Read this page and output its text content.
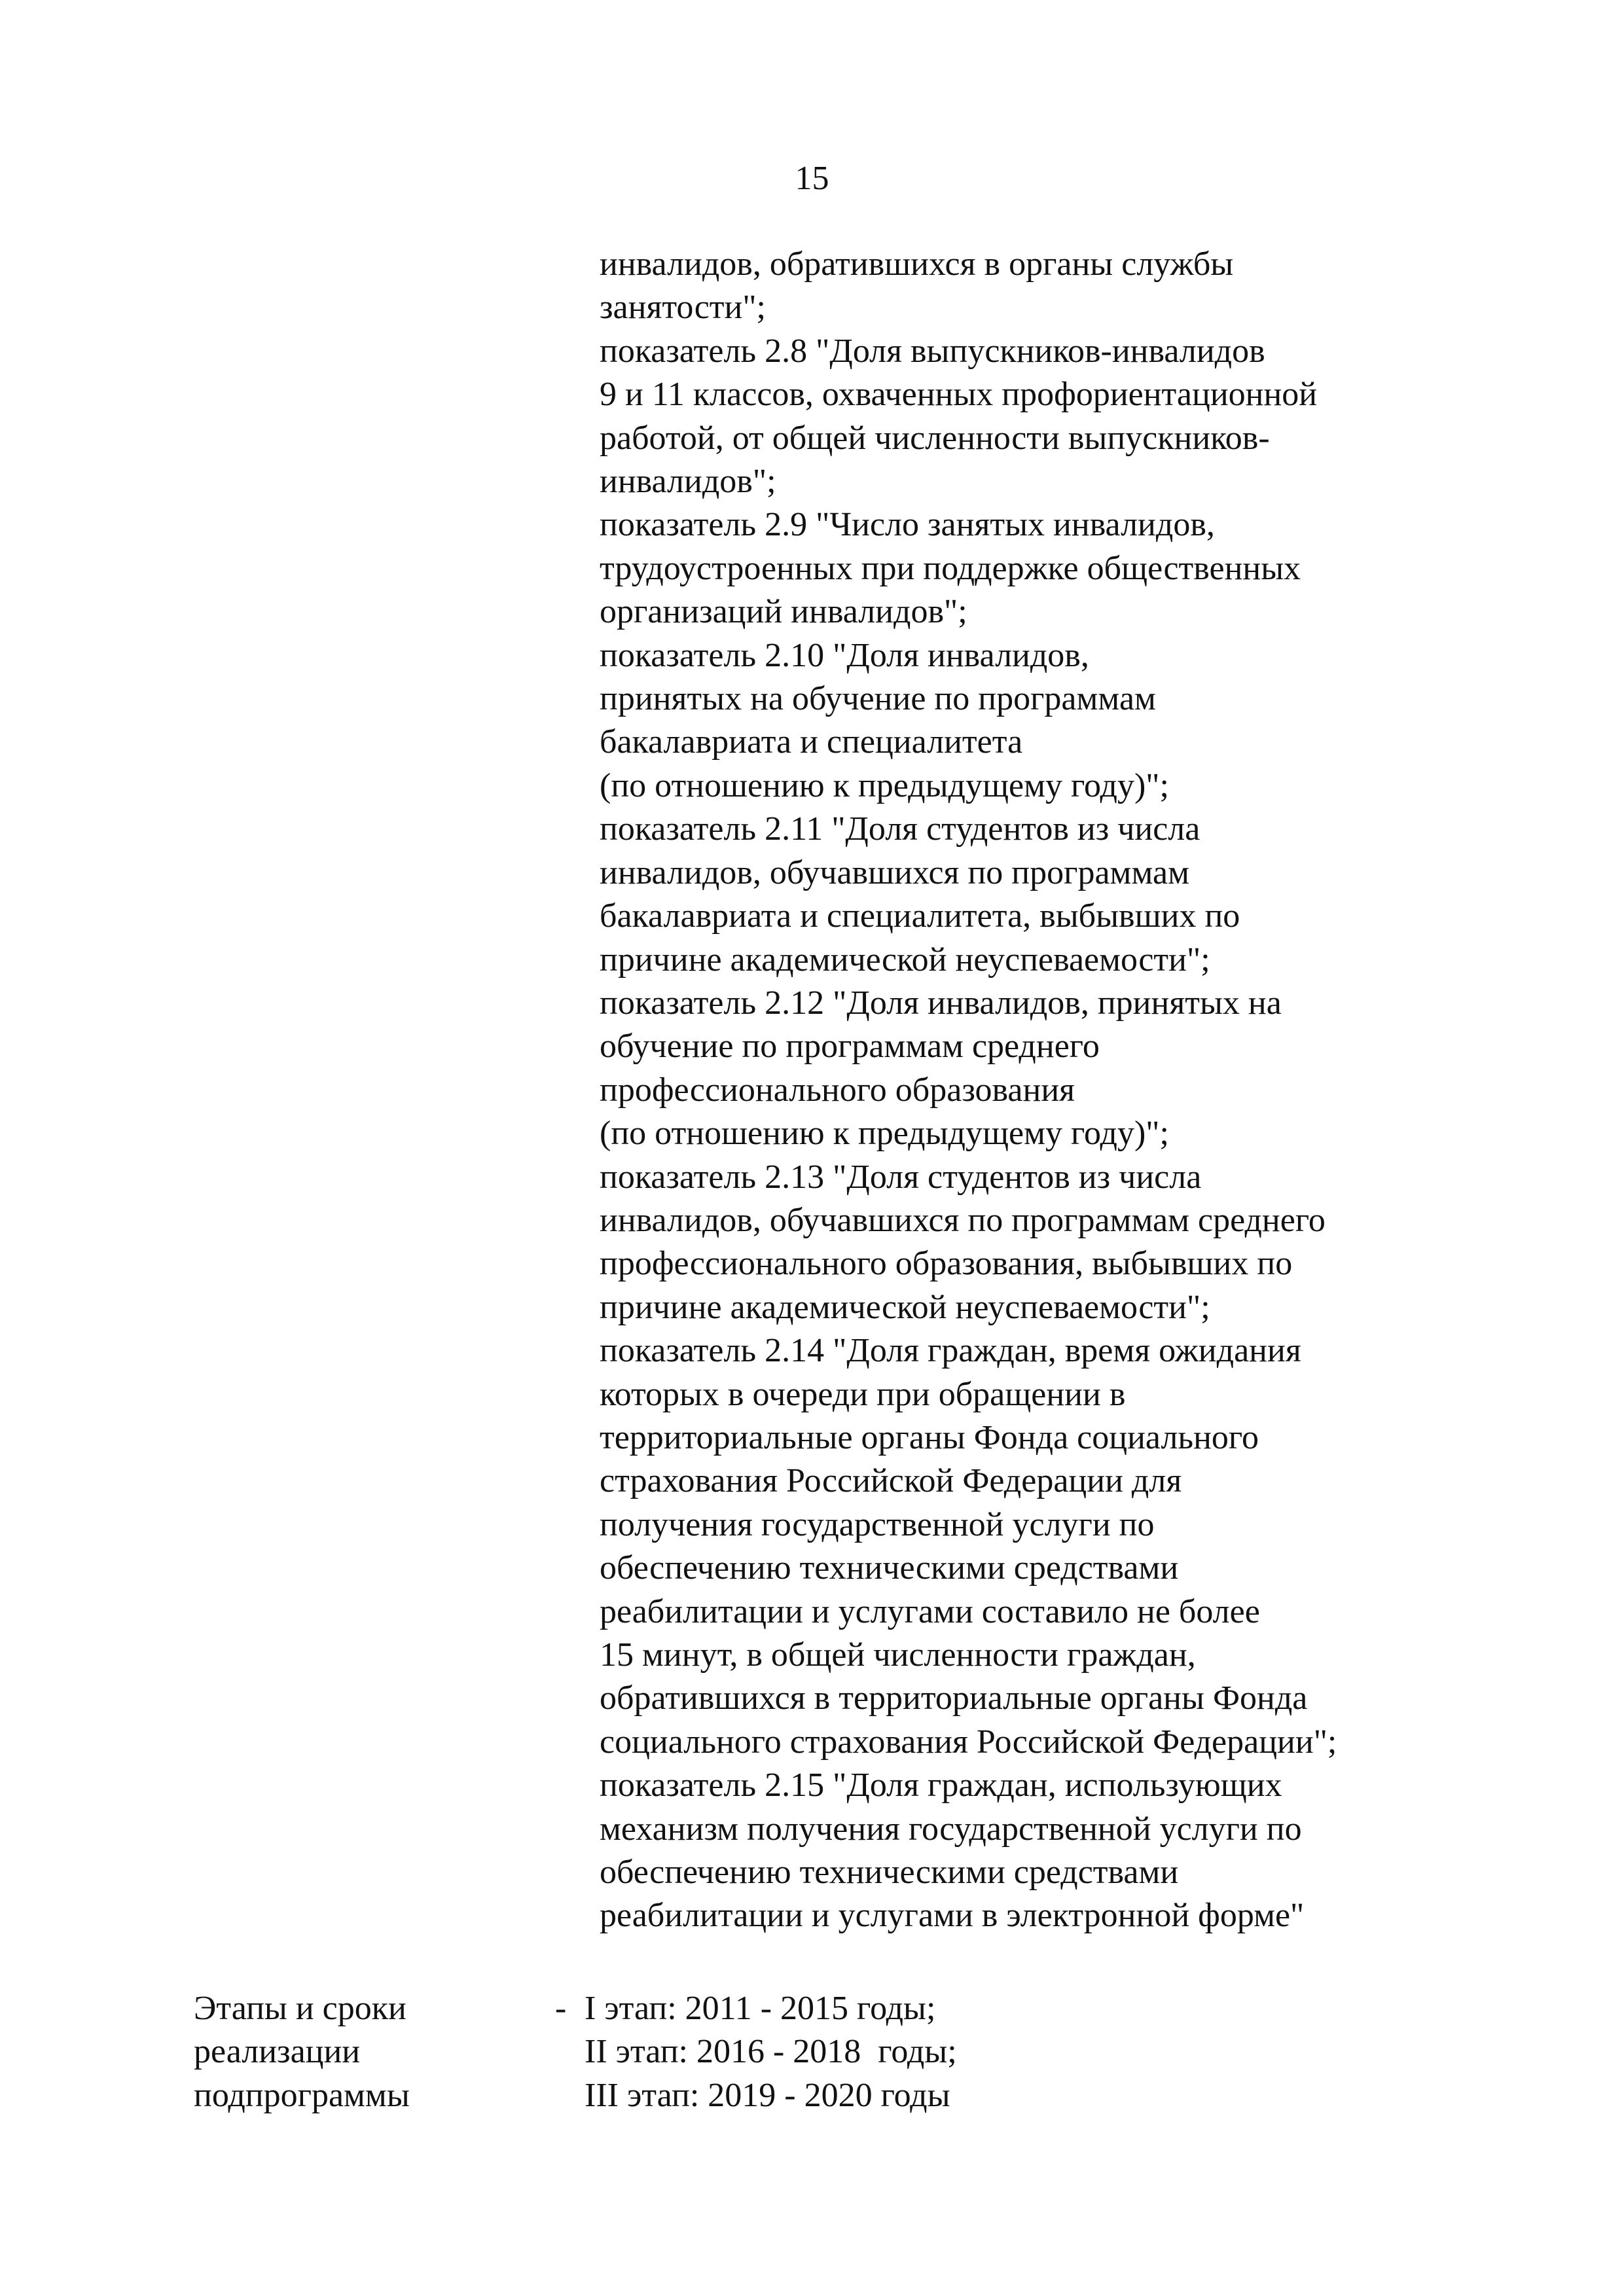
15
инвалидов, обратившихся в органы службы
занятости";
показатель 2.8 "Доля выпускников-инвалидов
9 и 11 классов, охваченных профориентационной
работой, от общей численности выпускников-
инвалидов";
показатель 2.9 "Число занятых инвалидов,
трудоустроенных при поддержке общественных
организаций инвалидов";
показатель 2.10 "Доля инвалидов,
принятых на обучение по программам
бакалавриата и специалитета
(по отношению к предыдущему году)";
показатель 2.11 "Доля студентов из числа
инвалидов, обучавшихся по программам
бакалавриата и специалитета, выбывших по
причине академической неуспеваемости";
показатель 2.12 "Доля инвалидов, принятых на
обучение по программам среднего
профессионального образования
(по отношению к предыдущему году)";
показатель 2.13 "Доля студентов из числа
инвалидов, обучавшихся по программам среднего
профессионального образования, выбывших по
причине академической неуспеваемости";
показатель 2.14 "Доля граждан, время ожидания
которых в очереди при обращении в
территориальные органы Фонда социального
страхования Российской Федерации для
получения государственной услуги по
обеспечению техническими средствами
реабилитации и услугами составило не более
15 минут, в общей численности граждан,
обратившихся в территориальные органы Фонда
социального страхования Российской Федерации";
показатель 2.15 "Доля граждан, использующих
механизм получения государственной услуги по
обеспечению техническими средствами
реабилитации и услугами в электронной форме"
Этапы и сроки
реализации
подпрограммы
- I этап: 2011 - 2015 годы;
II этап: 2016 - 2018  годы;
III этап: 2019 - 2020 годы
